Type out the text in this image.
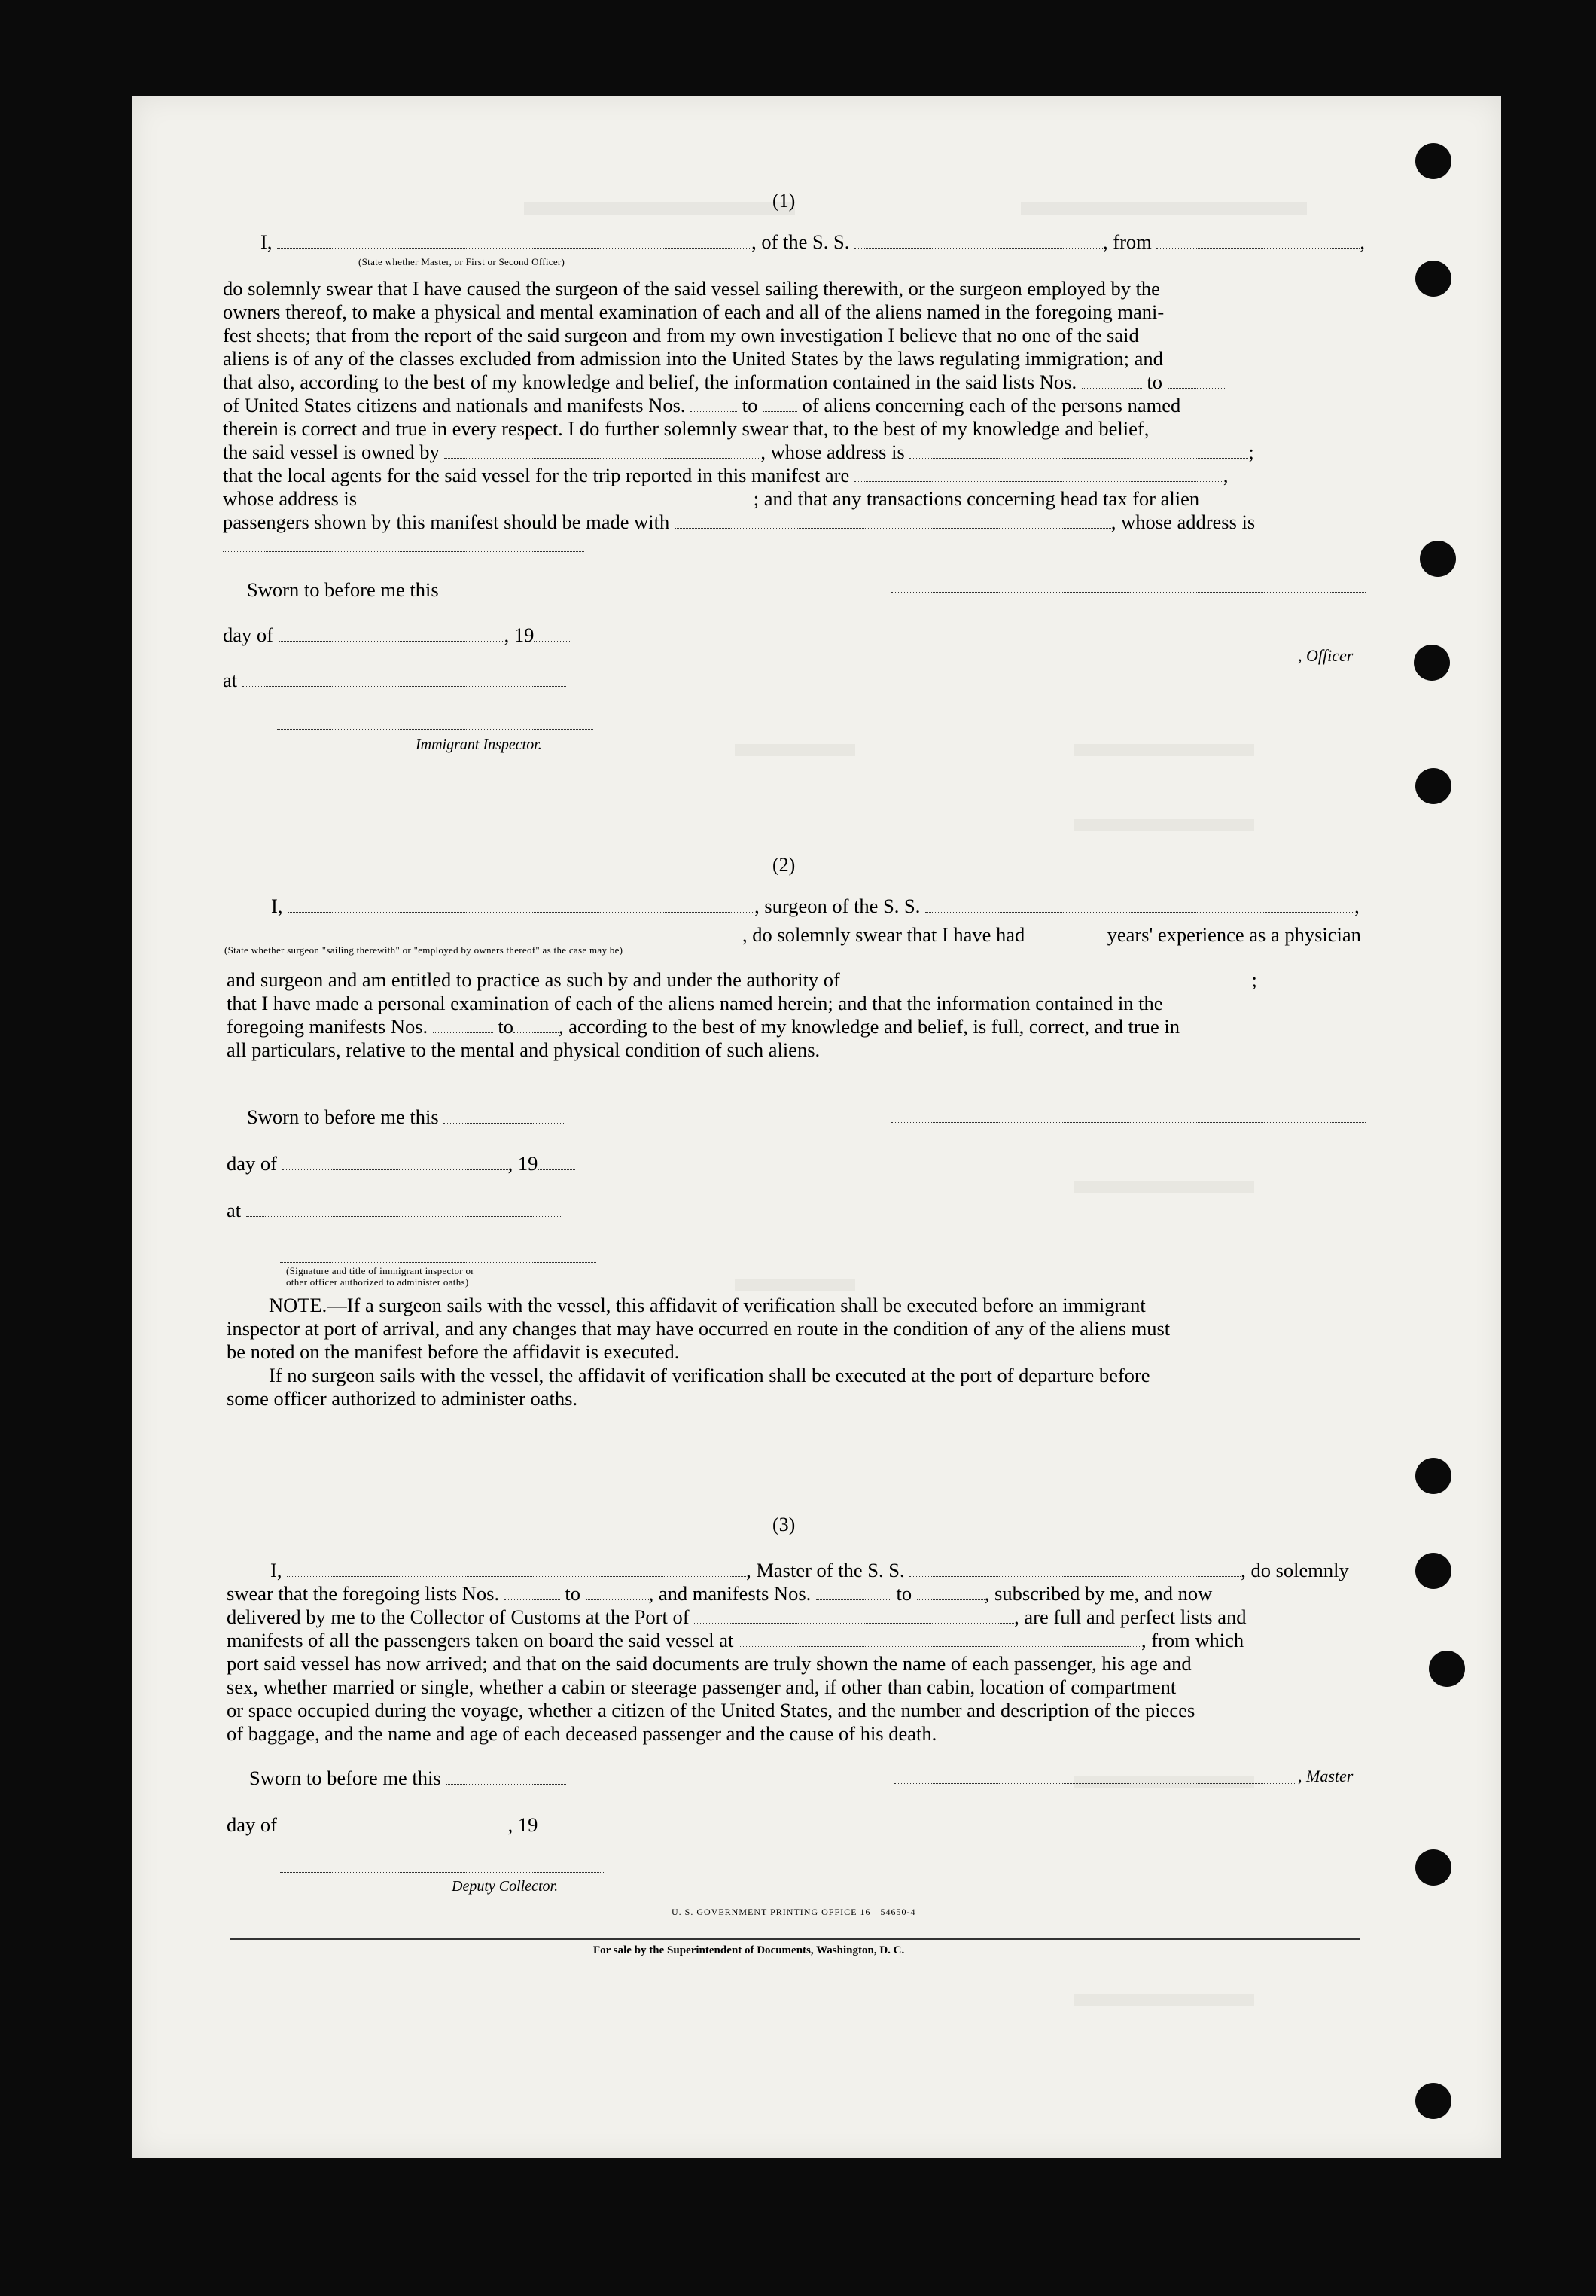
(1)
I,	, of the S. S.	, from	,
(State whether Master, or First or Second Officer)
do solemnly swear that I have caused the surgeon of the said vessel sailing therewith, or the surgeon employed by the
owners thereof, to make a physical and mental examination of each and all of the aliens named in the foregoing mani-
fest sheets; that from the report of the said surgeon and from my own investigation I believe that no one of the said
aliens is of any of the classes excluded from admission into the United States by the laws regulating immigration; and
that also, according to the best of my knowledge and belief, the information contained in the said lists Nos.	to
of United States citizens and nationals and manifests Nos.	to of aliens concerning each of the persons named
therein is correct and true in every respect. I do further solemnly swear that, to the best of my knowledge and belief,
the said vessel is owned by	, whose address is	;
that the local agents for the said vessel for the trip reported in this manifest are	,
whose address is	; and that any transactions concerning head tax for alien
passengers shown by this manifest should be made with	, whose address is
Sworn to before me this
day of	, 19
at
, Officer
Immigrant Inspector.
(2)
I,	, surgeon of the S. S.	,
, do solemnly swear that I have had	years' experience as a physician
(State whether surgeon "sailing therewith" or "employed by owners thereof" as the case may be)
and surgeon and am entitled to practice as such by and under the authority of	;
that I have made a personal examination of each of the aliens named herein; and that the information contained in the
foregoing manifests Nos.	to , according to the best of my knowledge and belief, is full, correct, and true in
all particulars, relative to the mental and physical condition of such aliens.
Sworn to before me this
day of	, 19
at
(Signature and title of immigrant inspector or
other officer authorized to administer oaths)
NOTE.—If a surgeon sails with the vessel, this affidavit of verification shall be executed before an immigrant
inspector at port of arrival, and any changes that may have occurred en route in the condition of any of the aliens must
be noted on the manifest before the affidavit is executed.
If no surgeon sails with the vessel, the affidavit of verification shall be executed at the port of departure before
some officer authorized to administer oaths.
(3)
I,	, Master of the S. S.	, do solemnly
swear that the foregoing lists Nos.	to	, and manifests Nos.	to	, subscribed by me, and now
delivered by me to the Collector of Customs at the Port of	, are full and perfect lists and
manifests of all the passengers taken on board the said vessel at	, from which
port said vessel has now arrived; and that on the said documents are truly shown the name of each passenger, his age and
sex, whether married or single, whether a cabin or steerage passenger and, if other than cabin, location of compartment
or space occupied during the voyage, whether a citizen of the United States, and the number and description of the pieces
of baggage, and the name and age of each deceased passenger and the cause of his death.
Sworn to before me this
day of	, 19
, Master
Deputy Collector.
U. S. GOVERNMENT PRINTING OFFICE 16—54650-4
For sale by the Superintendent of Documents, Washington, D. C.
